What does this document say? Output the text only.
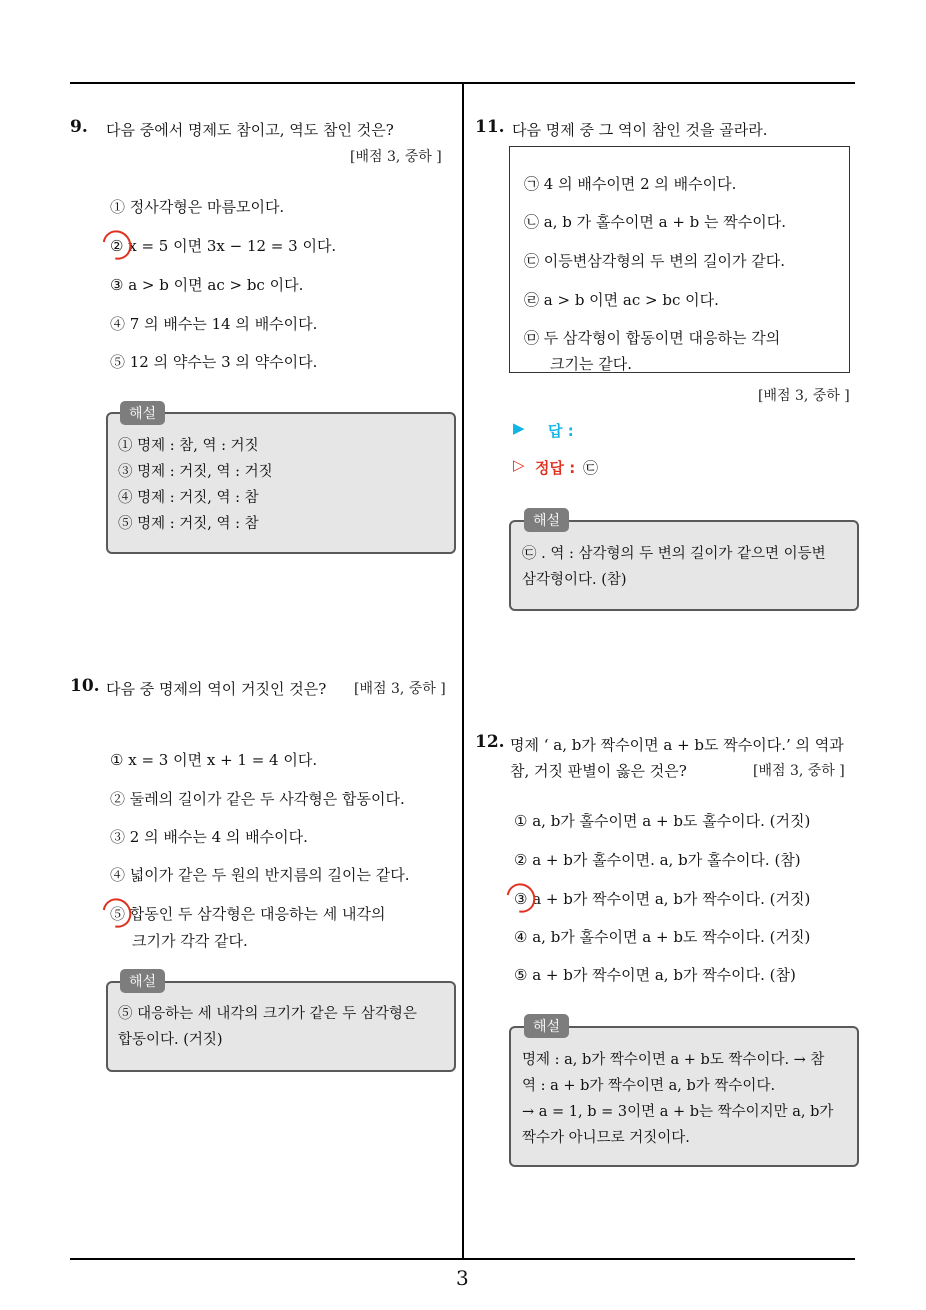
9. 다음 중에서 명제도 참이고, 역도 참인 것은?
[배점 3, 중하 ]
① 정사각형은 마름모이다.
② x = 5 이면 3x − 12 = 3 이다.
③ a > b 이면 ac > bc 이다.
④ 7 의 배수는 14 의 배수이다.
⑤ 12 의 약수는 3 의 약수이다.
해설
① 명제 : 참, 역 : 거짓
③ 명제 : 거짓, 역 : 거짓
④ 명제 : 거짓, 역 : 참
⑤ 명제 : 거짓, 역 : 참
10. 다음 중 명제의 역이 거짓인 것은? [배점 3, 중하 ]
① x = 3 이면 x + 1 = 4 이다.
② 둘레의 길이가 같은 두 사각형은 합동이다.
③ 2 의 배수는 4 의 배수이다.
④ 넓이가 같은 두 원의 반지름의 길이는 같다.
⑤ 합동인 두 삼각형은 대응하는 세 내각의
크기가 각각 같다.
해설
⑤ 대응하는 세 내각의 크기가 같은 두 삼각형은
합동이다. (거짓)
11. 다음 명제 중 그 역이 참인 것을 골라라.
㉠ 4 의 배수이면 2 의 배수이다.
㉡ a, b 가 홀수이면 a + b 는 짝수이다.
㉢ 이등변삼각형의 두 변의 길이가 같다.
㉣ a > b 이면 ac > bc 이다.
㉤ 두 삼각형이 합동이면 대응하는 각의
크기는 같다.
[배점 3, 중하 ]
▶ 답 :
▷ 정답 : ㉢
해설
㉢ . 역 : 삼각형의 두 변의 길이가 같으면 이등변
삼각형이다. (참)
12. 명제 ‘ a, b가 짝수이면 a + b도 짝수이다.’ 의 역과
참, 거짓 판별이 옳은 것은?	[배점 3, 중하 ]
① a, b가 홀수이면 a + b도 홀수이다. (거짓)
② a + b가 홀수이면. a, b가 홀수이다. (참)
③ a + b가 짝수이면 a, b가 짝수이다. (거짓)
④ a, b가 홀수이면 a + b도 짝수이다. (거짓)
⑤ a + b가 짝수이면 a, b가 짝수이다. (참)
해설
명제 : a, b가 짝수이면 a + b도 짝수이다. → 참
역 : a + b가 짝수이면 a, b가 짝수이다.
→ a = 1, b = 3이면 a + b는 짝수이지만 a, b가
짝수가 아니므로 거짓이다.
3
